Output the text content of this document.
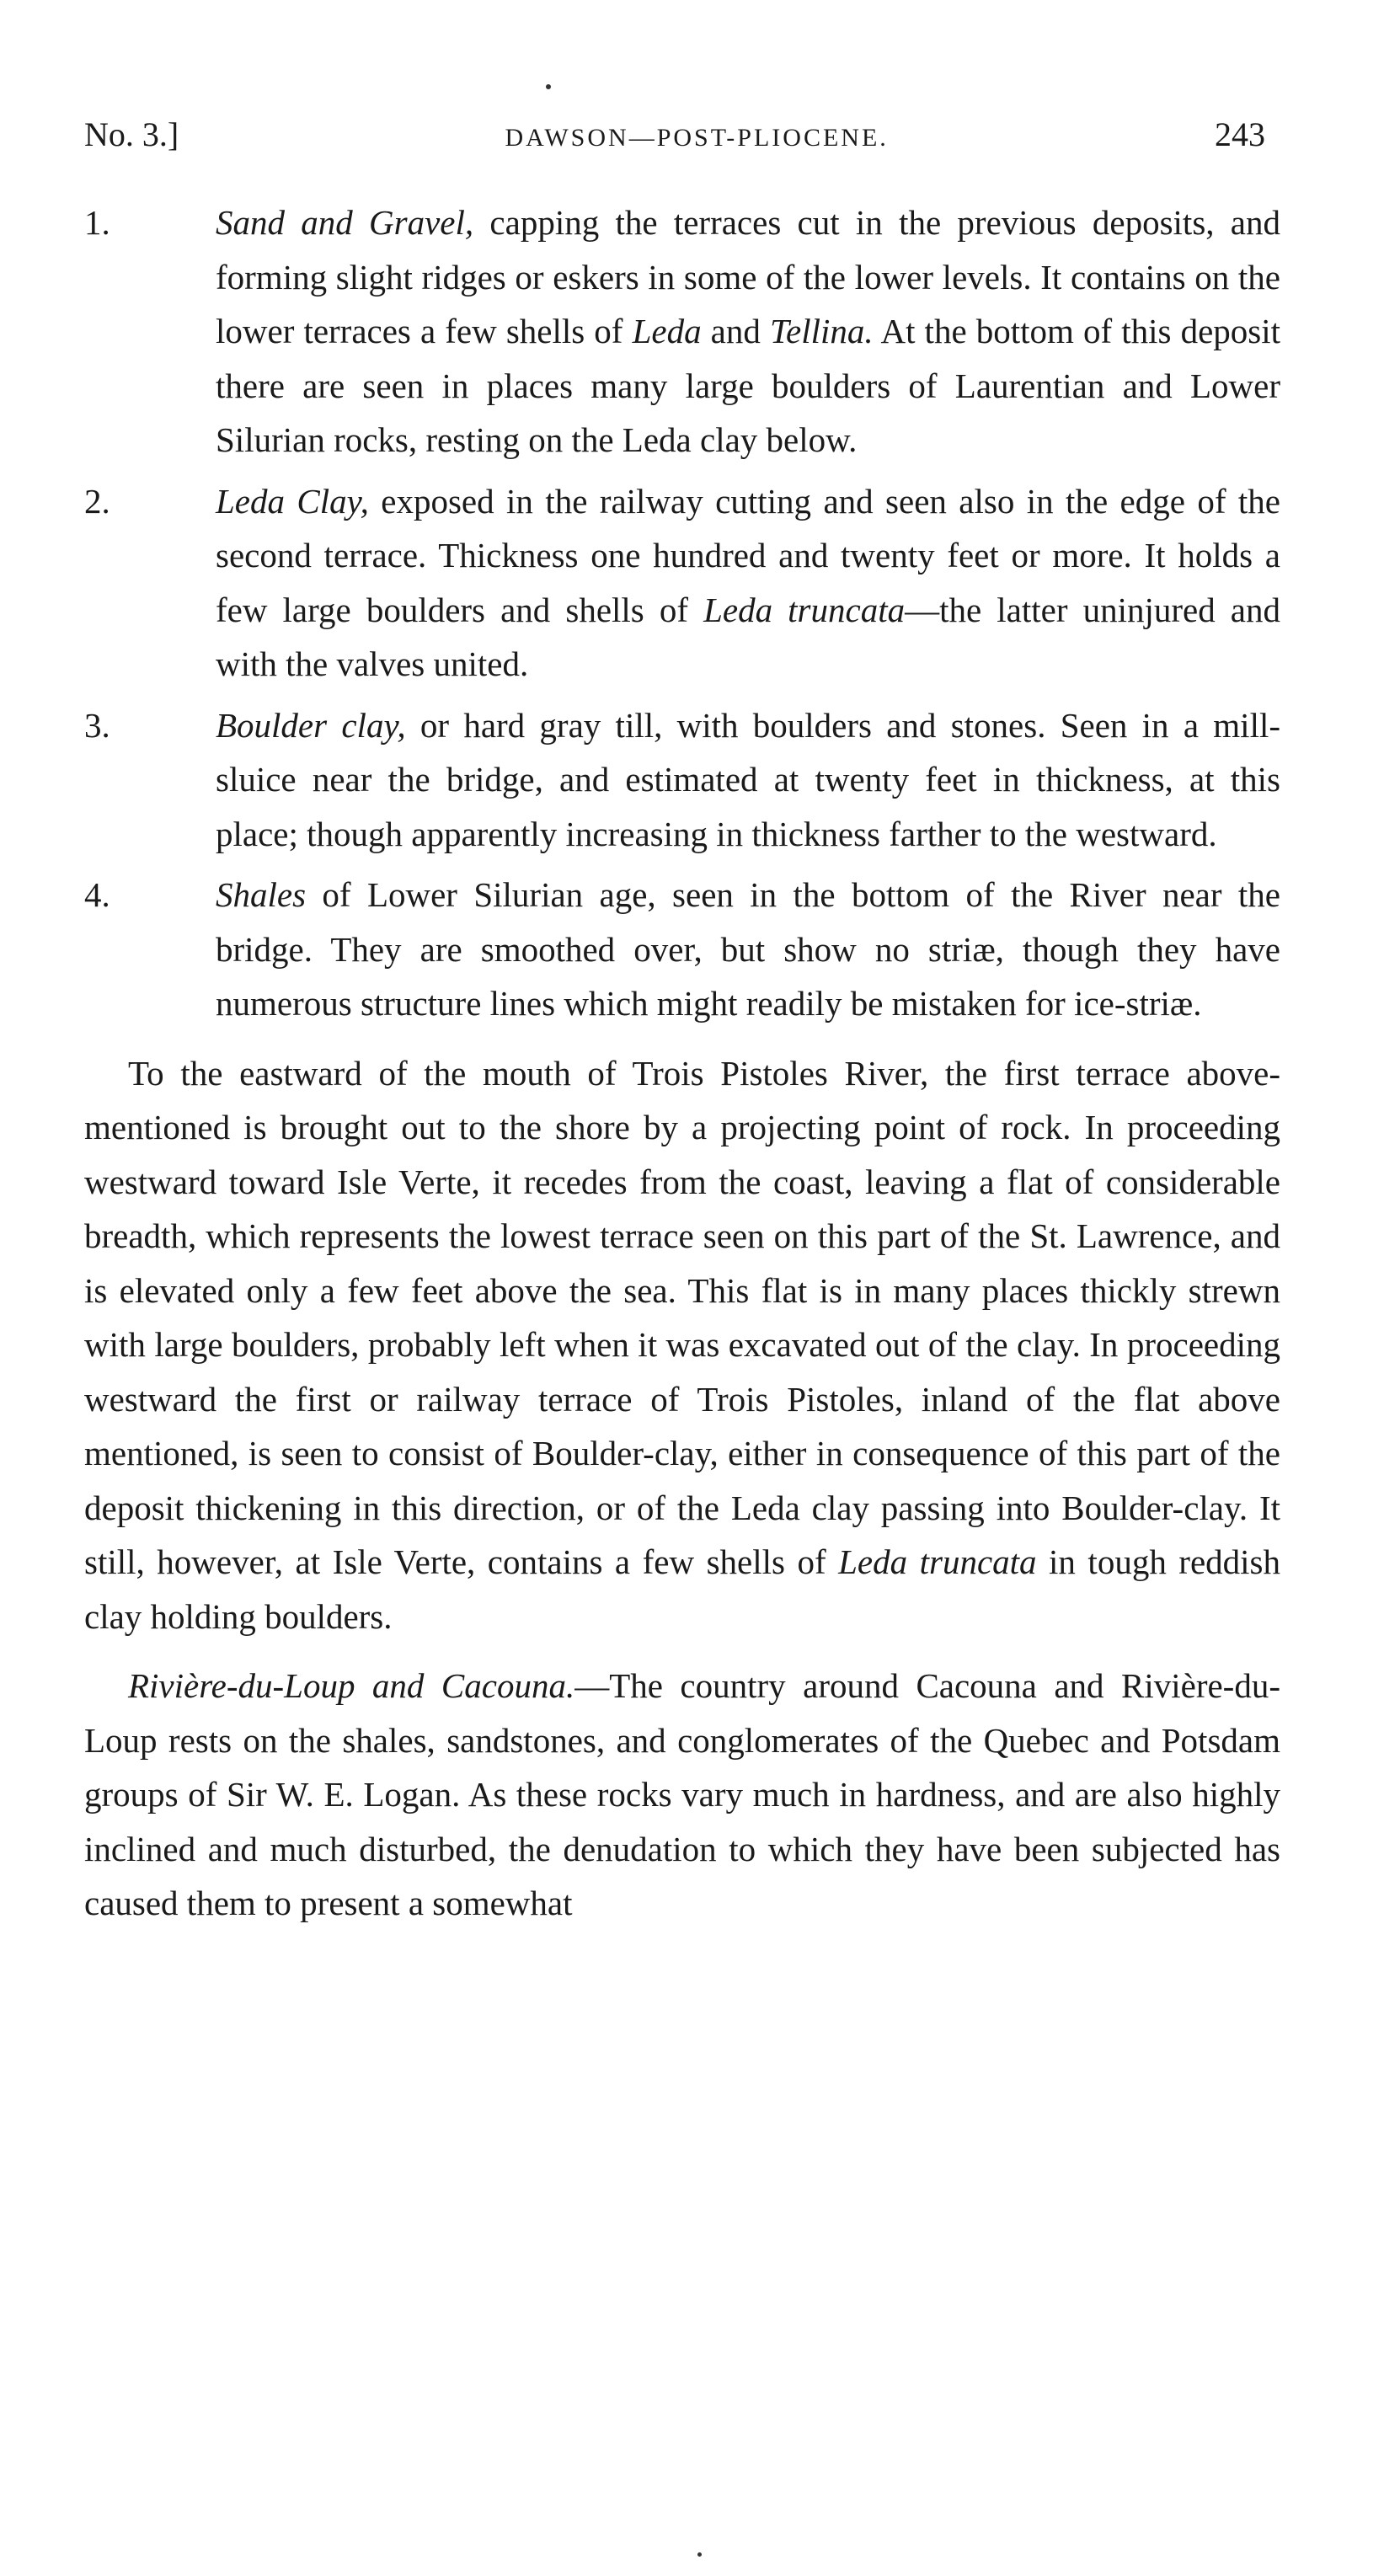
No. 3.]	DAWSON—POST-PLIOCENE.	243
1.	Sand and Gravel, capping the terraces cut in the previous deposits, and forming slight ridges or eskers in some of the lower levels. It contains on the lower terraces a few shells of Leda and Tellina. At the bottom of this deposit there are seen in places many large boulders of Laurentian and Lower Silurian rocks, resting on the Leda clay below.
2.	Leda Clay, exposed in the railway cutting and seen also in the edge of the second terrace. Thickness one hundred and twenty feet or more. It holds a few large boulders and shells of Leda truncata—the latter uninjured and with the valves united.
3.	Boulder clay, or hard gray till, with boulders and stones. Seen in a mill-sluice near the bridge, and estimated at twenty feet in thickness, at this place; though apparently increasing in thickness farther to the westward.
4.	Shales of Lower Silurian age, seen in the bottom of the River near the bridge. They are smoothed over, but show no striæ, though they have numerous structure lines which might readily be mistaken for ice-striæ.

To the eastward of the mouth of Trois Pistoles River, the first terrace above-mentioned is brought out to the shore by a projecting point of rock. In proceeding westward toward Isle Verte, it recedes from the coast, leaving a flat of considerable breadth, which represents the lowest terrace seen on this part of the St. Lawrence, and is elevated only a few feet above the sea. This flat is in many places thickly strewn with large boulders, probably left when it was excavated out of the clay. In proceeding westward the first or railway terrace of Trois Pistoles, inland of the flat above mentioned, is seen to consist of Boulder-clay, either in consequence of this part of the deposit thickening in this direction, or of the Leda clay passing into Boulder-clay. It still, however, at Isle Verte, contains a few shells of Leda truncata in tough reddish clay holding boulders.

Rivière-du-Loup and Cacouna.—The country around Cacouna and Rivière-du-Loup rests on the shales, sandstones, and conglomerates of the Quebec and Potsdam groups of Sir W. E. Logan. As these rocks vary much in hardness, and are also highly inclined and much disturbed, the denudation to which they have been subjected has caused them to present a somewhat
